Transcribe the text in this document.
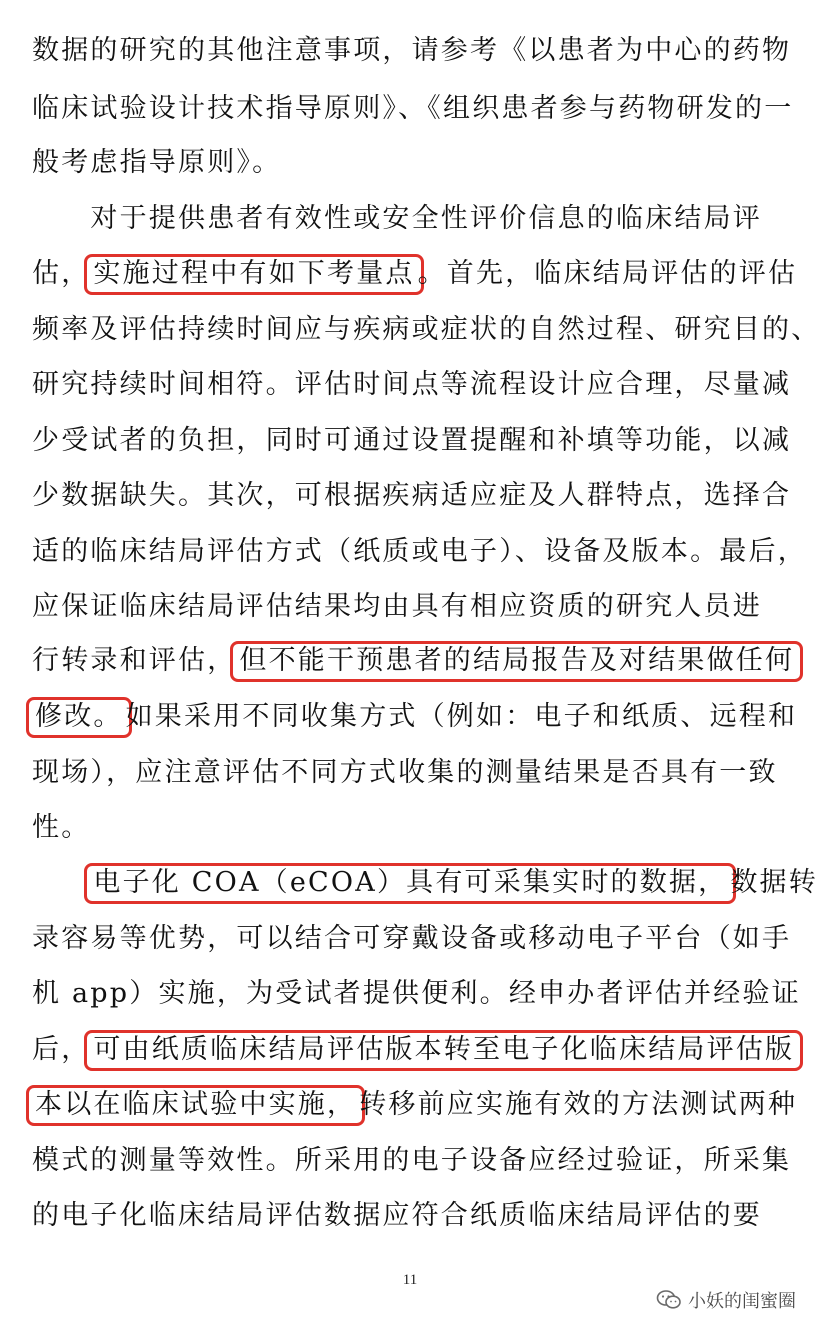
数据的研究的其他注意事项，请参考《以患者为中心的药物
临床试验设计技术指导原则》、《组织患者参与药物研发的一
般考虑指导原则》。
　　对于提供患者有效性或安全性评价信息的临床结局评
估， 实施过程中有如下考量点 。首先，临床结局评估的评估
频率及评估持续时间应与疾病或症状的自然过程、研究目的、
研究持续时间相符。评估时间点等流程设计应合理，尽量减
少受试者的负担，同时可通过设置提醒和补填等功能，以减
少数据缺失。其次，可根据疾病适应症及人群特点，选择合
适的临床结局评估方式（纸质或电子）、设备及版本。最后，
应保证临床结局评估结果均由具有相应资质的研究人员进
行转录和评估， 但不能干预患者的结局报告及对结果做任何
修改。 如果采用不同收集方式（例如：电子和纸质、远程和
现场），应注意评估不同方式收集的测量结果是否具有一致
性。
　　电子化 COA（eCOA）具有可采集实时的数据， 数据转
录容易等优势，可以结合可穿戴设备或移动电子平台（如手
机 app）实施，为受试者提供便利。经申办者评估并经验证
后， 可由纸质临床结局评估版本转至电子化临床结局评估版
本以在临床试验中实施， 转移前应实施有效的方法测试两种
模式的测量等效性。所采用的电子设备应经过验证，所采集
的电子化临床结局评估数据应符合纸质临床结局评估的要
11
小妖的闺蜜圈
